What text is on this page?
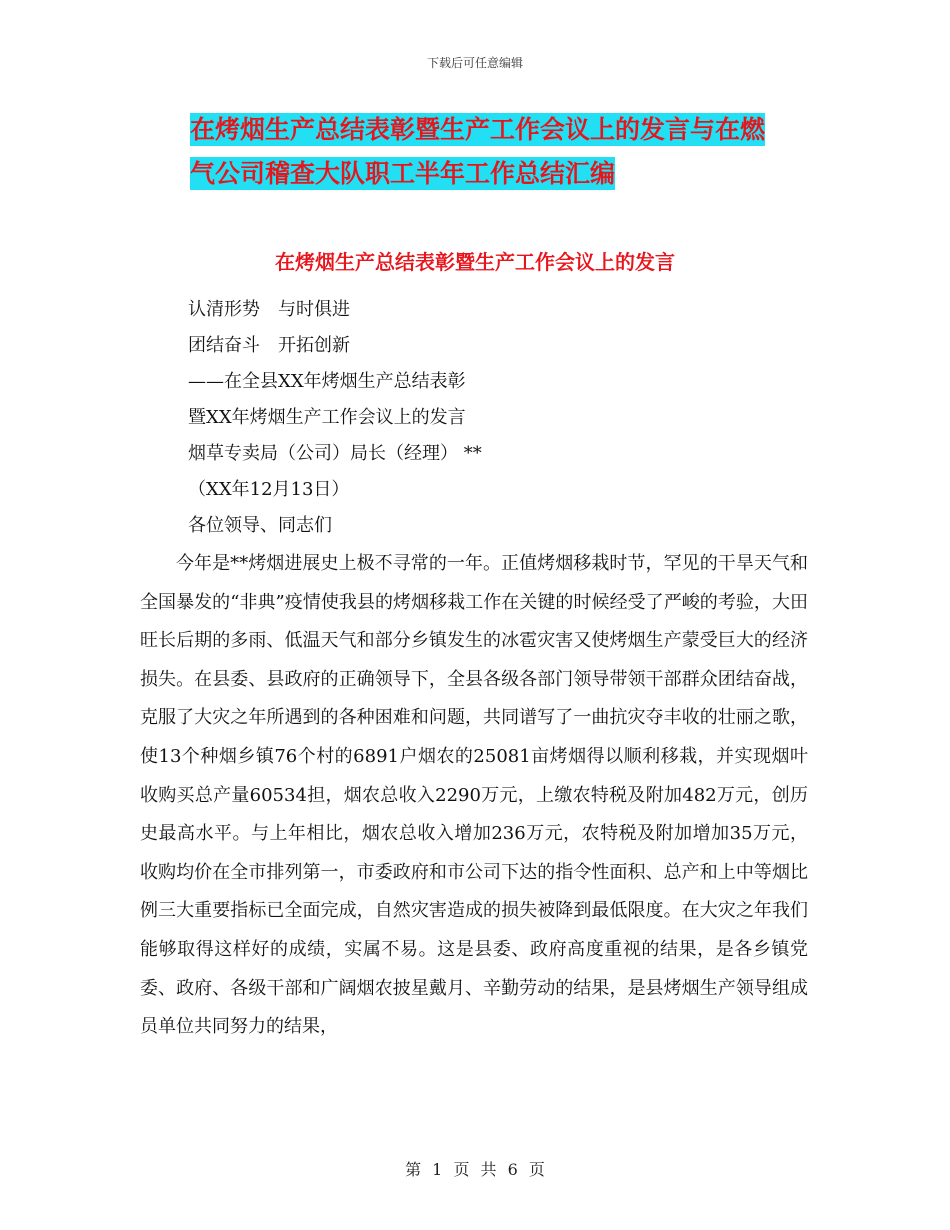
下载后可任意编辑
在烤烟生产总结表彰暨生产工作会议上的发言与在燃
气公司稽查大队职工半年工作总结汇编
在烤烟生产总结表彰暨生产工作会议上的发言
认清形势　与时俱进
团结奋斗　开拓创新
——在全县XX年烤烟生产总结表彰
暨XX年烤烟生产工作会议上的发言
烟草专卖局（公司）局长（经理） **
（XX年12月13日）
各位领导、同志们
今年是**烤烟进展史上极不寻常的一年。正值烤烟移栽时节，罕见的干旱天气和全国暴发的“非典”疫情使我县的烤烟移栽工作在关键的时候经受了严峻的考验，大田旺长后期的多雨、低温天气和部分乡镇发生的冰雹灾害又使烤烟生产蒙受巨大的经济损失。在县委、县政府的正确领导下，全县各级各部门领导带领干部群众团结奋战，克服了大灾之年所遇到的各种困难和问题，共同谱写了一曲抗灾夺丰收的壮丽之歌，使13个种烟乡镇76个村的6891户烟农的25081亩烤烟得以顺利移栽，并实现烟叶收购买总产量60534担，烟农总收入2290万元，上缴农特税及附加482万元，创历史最高水平。与上年相比，烟农总收入增加236万元，农特税及附加增加35万元，收购均价在全市排列第一，市委政府和市公司下达的指令性面积、总产和上中等烟比例三大重要指标已全面完成，自然灾害造成的损失被降到最低限度。在大灾之年我们能够取得这样好的成绩，实属不易。这是县委、政府高度重视的结果，是各乡镇党委、政府、各级干部和广阔烟农披星戴月、辛勤劳动的结果，是县烤烟生产领导组成员单位共同努力的结果，
第 1 页 共 6 页
